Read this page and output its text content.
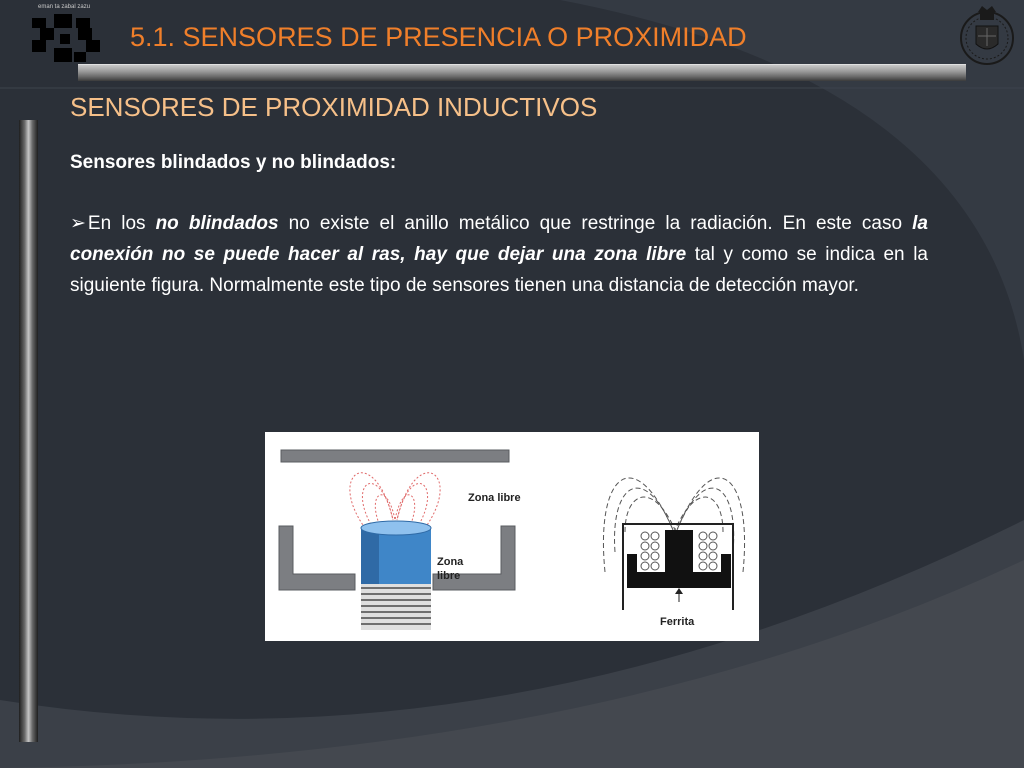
eman ta zabal zazu
5.1. SENSORES DE PRESENCIA O PROXIMIDAD
SENSORES DE PROXIMIDAD INDUCTIVOS
Sensores blindados y no blindados:

➢ En los no blindados no existe el anillo metálico que restringe la radiación. En este caso la conexión no se puede hacer al ras, hay que dejar una zona libre tal y como se indica en la siguiente figura. Normalmente este tipo de sensores tienen una distancia de detección mayor.

Zona libre
Zona
libre
Ferrita
